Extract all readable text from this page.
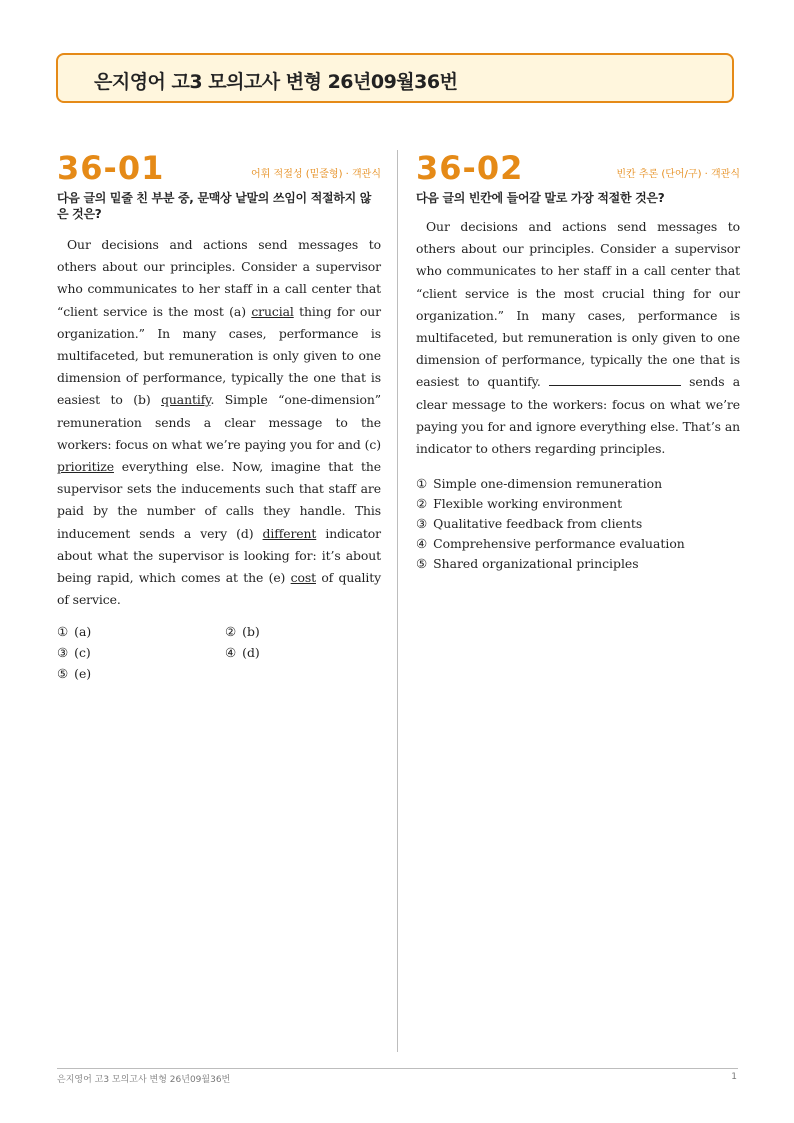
은지영어 고3 모의고사 변형 26년09월36번
36-01	어휘 적절성 (밑줄형) · 객관식
다음 글의 밑줄 친 부분 중, 문맥상 낱말의 쓰임이 적절하지 않은 것은?
Our decisions and actions send messages to others about our principles. Consider a supervisor who communicates to her staff in a call center that “client service is the most (a) crucial thing for our organization.” In many cases, performance is multifaceted, but remuneration is only given to one dimension of performance, typically the one that is easiest to (b) quantify. Simple “one-dimension” remuneration sends a clear message to the workers: focus on what we’re paying you for and (c) prioritize everything else. Now, imagine that the supervisor sets the inducements such that staff are paid by the number of calls they handle. This inducement sends a very (d) different indicator about what the supervisor is looking for: it’s about being rapid, which comes at the (e) cost of quality of service.
① (a)	② (b)
③ (c)	④ (d)
⑤ (e)
36-02	빈칸 추론 (단어/구) · 객관식
다음 글의 빈칸에 들어갈 말로 가장 적절한 것은?
Our decisions and actions send messages to others about our principles. Consider a supervisor who communicates to her staff in a call center that “client service is the most crucial thing for our organization.” In many cases, performance is multifaceted, but remuneration is only given to one dimension of performance, typically the one that is easiest to quantify.	sends a clear message to the workers: focus on what we’re paying you for and ignore everything else. That’s an indicator to others regarding principles.
① Simple one-dimension remuneration
② Flexible working environment
③ Qualitative feedback from clients
④ Comprehensive performance evaluation
⑤ Shared organizational principles
은지영어 고3 모의고사 변형 26년09월36번	1
